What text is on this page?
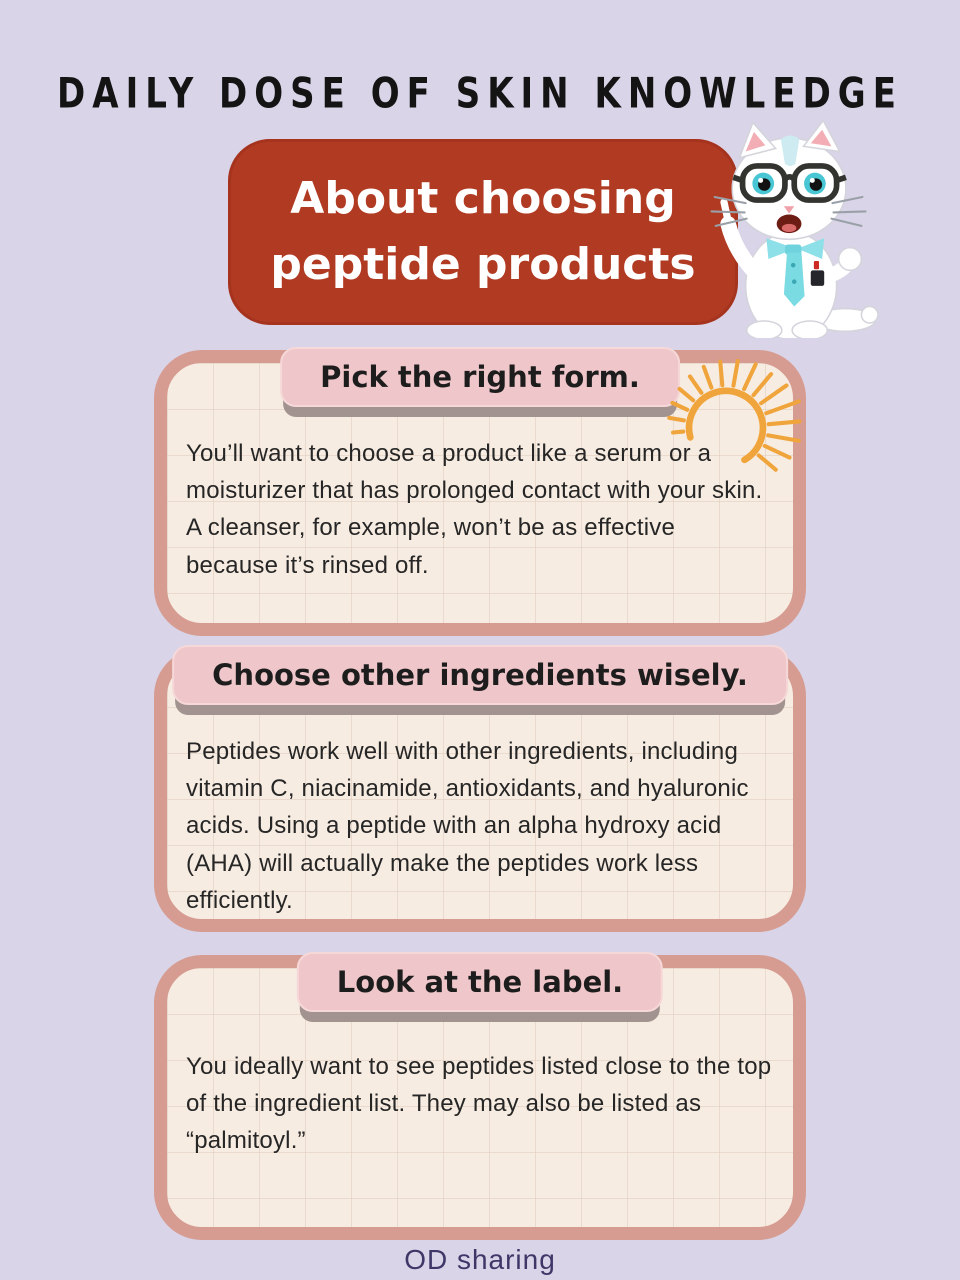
DAILY DOSE OF SKIN KNOWLEDGE
About choosing
peptide products
Pick the right form.
You’ll want to choose a product like a serum or a moisturizer that has prolonged contact with your skin. A cleanser, for example, won’t be as effective because it’s rinsed off.
Choose other ingredients wisely.
Peptides work well with other ingredients, including vitamin C, niacinamide, antioxidants, and hyaluronic acids. Using a peptide with an alpha hydroxy acid (AHA) will actually make the peptides work less efficiently.
Look at the label.
You ideally want to see peptides listed close to the top of the ingredient list. They may also be listed as “palmitoyl.”
OD sharing
